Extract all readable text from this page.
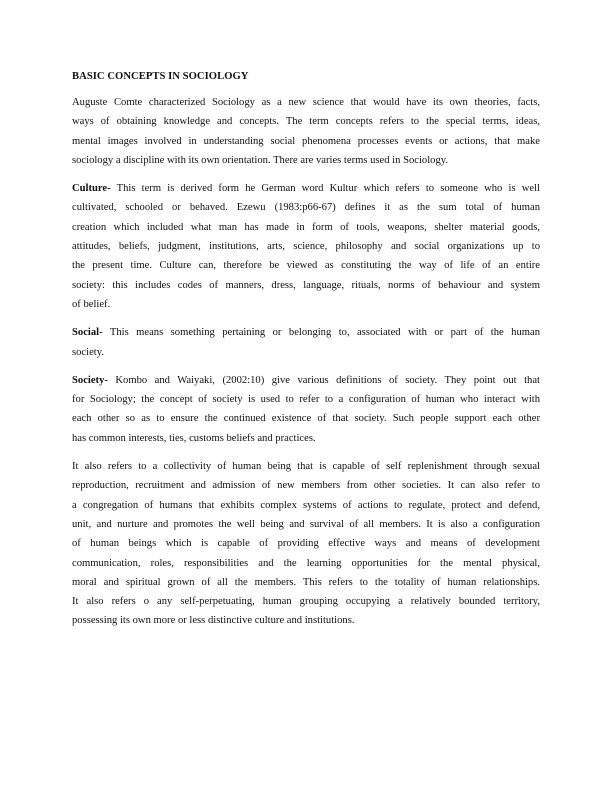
BASIC CONCEPTS IN SOCIOLOGY
Auguste Comte characterized Sociology as a new science that would have its own theories, facts,
ways of obtaining knowledge and concepts. The term concepts refers to the special terms, ideas,
mental images involved in understanding social phenomena processes events or actions, that make
sociology a discipline with its own orientation. There are varies terms used in Sociology.
Culture- This term is derived form he German word Kultur which refers to someone who is well
cultivated, schooled or behaved. Ezewu (1983:p66-67) defines it as the sum total of human
creation which included what man has made in form of tools, weapons, shelter material goods,
attitudes, beliefs, judgment, institutions, arts, science, philosophy and social organizations up to
the present time. Culture can, therefore be viewed as constituting the way of life of an entire
society: this includes codes of manners, dress, language, rituals, norms of behaviour and system
of belief.
Social- This means something pertaining or belonging to, associated with or part of the human
society.
Society- Kombo and Waiyaki, (2002:10) give various definitions of society. They point out that
for Sociology; the concept of society is used to refer to a configuration of human who interact with
each other so as to ensure the continued existence of that society. Such people support each other
has common interests, ties, customs beliefs and practices.
It also refers to a collectivity of human being that is capable of self replenishment through sexual
reproduction, recruitment and admission of new members from other societies. It can also refer to
a congregation of humans that exhibits complex systems of actions to regulate, protect and defend,
unit, and nurture and promotes the well being and survival of all members. It is also a configuration
of human beings which is capable of providing effective ways and means of development
communication, roles, responsibilities and the learning opportunities for the mental physical,
moral and spiritual grown of all the members. This refers to the totality of human relationships.
It also refers o any self-perpetuating, human grouping occupying a relatively bounded territory,
possessing its own more or less distinctive culture and institutions.
